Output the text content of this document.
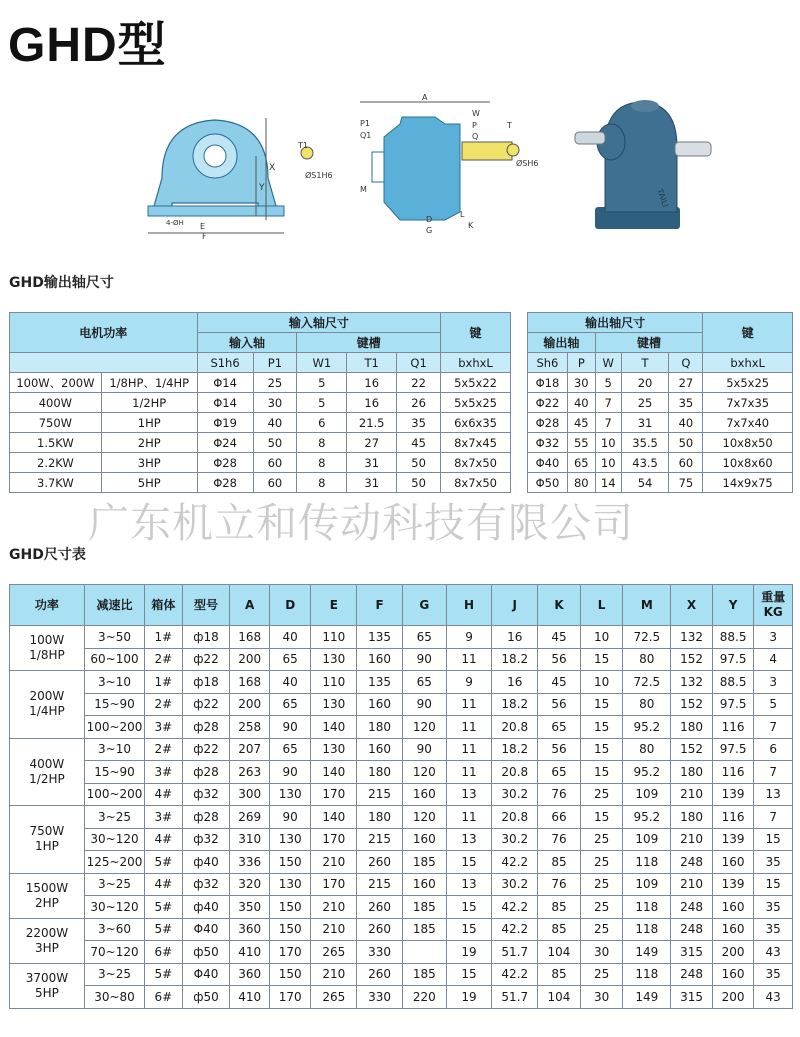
GHD型
X
Y
T1
ØS1H6
4-ØH E
F
A
P1
Q1
M
W
P
Q
T
ØSH6
D
G
L
K
TAILI
GHD输出轴尺寸
电机功率		输入轴尺寸					键
		输入轴		键槽			
		S1h6	P1	W1	T1	Q1	bxhxL
100W、200W	1/8HP、1/4HP	Φ14	25	5	16	22	5x5x22
400W	1/2HP	Φ14	30	5	16	26	5x5x25
750W	1HP	Φ19	40	6	21.5	35	6x6x35
1.5KW	2HP	Φ24	50	8	27	45	8x7x45
2.2KW	3HP	Φ28	60	8	31	50	8x7x50
3.7KW	5HP	Φ28	60	8	31	50	8x7x50
输出轴尺寸					键
输出轴		键槽			
Sh6	P	W	T	Q	bxhxL
Φ18	30	5	20	27	5x5x25
Φ22	40	7	25	35	7x7x35
Φ28	45	7	31	40	7x7x40
Φ32	55	10	35.5	50	10x8x50
Φ40	65	10	43.5	60	10x8x60
Φ50	80	14	54	75	14x9x75
广东机立和传动科技有限公司
GHD尺寸表
功率	减速比	箱体	型号	A	D	E	F	G	H	J	K	L	M	X	Y	重量
KG
100W
1/8HP	3~50	1#	ф18	168	40	110	135	65	9	16	45	10	72.5	132	88.5	3
	60~100	2#	ф22	200	65	130	160	90	11	18.2	56	15	80	152	97.5	4
200W
1/4HP	3~10	1#	ф18	168	40	110	135	65	9	16	45	10	72.5	132	88.5	3
	15~90	2#	ф22	200	65	130	160	90	11	18.2	56	15	80	152	97.5	5
	100~200	3#	ф28	258	90	140	180	120	11	20.8	65	15	95.2	180	116	7
400W
1/2HP	3~10	2#	ф22	207	65	130	160	90	11	18.2	56	15	80	152	97.5	6
	15~90	3#	ф28	263	90	140	180	120	11	20.8	65	15	95.2	180	116	7
	100~200	4#	ф32	300	130	170	215	160	13	30.2	76	25	109	210	139	13
750W
1HP	3~25	3#	ф28	269	90	140	180	120	11	20.8	66	15	95.2	180	116	7
	30~120	4#	ф32	310	130	170	215	160	13	30.2	76	25	109	210	139	15
	125~200	5#	ф40	336	150	210	260	185	15	42.2	85	25	118	248	160	35
1500W
2HP	3~25	4#	ф32	320	130	170	215	160	13	30.2	76	25	109	210	139	15
	30~120	5#	ф40	350	150	210	260	185	15	42.2	85	25	118	248	160	35
2200W
3HP	3~60	5#	Φ40	360	150	210	260	185	15	42.2	85	25	118	248	160	35
	70~120	6#	ф50	410	170	265	330		19	51.7	104	30	149	315	200	43
3700W
5HP	3~25	5#	Φ40	360	150	210	260	185	15	42.2	85	25	118	248	160	35
	30~80	6#	ф50	410	170	265	330	220	19	51.7	104	30	149	315	200	43
